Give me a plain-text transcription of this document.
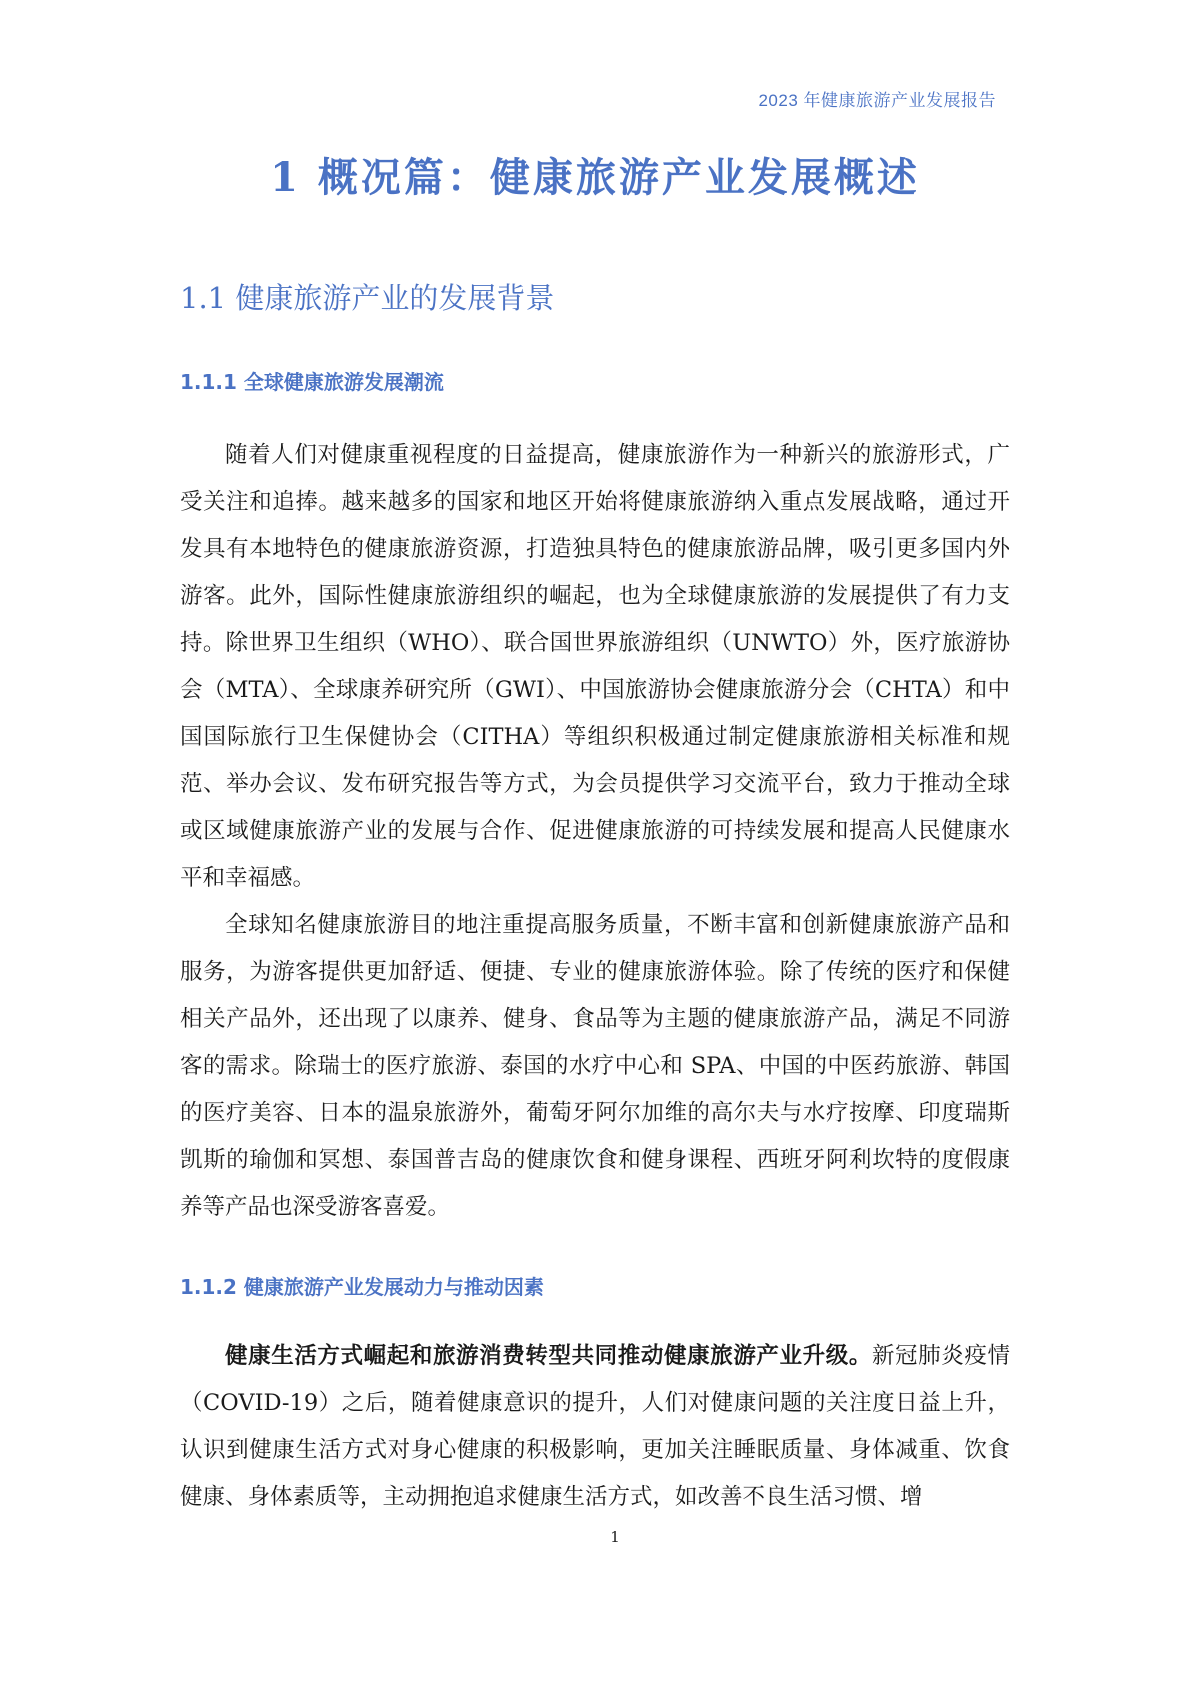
2023 年健康旅游产业发展报告
1 概况篇：健康旅游产业发展概述
1.1 健康旅游产业的发展背景
1.1.1 全球健康旅游发展潮流

随着人们对健康重视程度的日益提高，健康旅游作为一种新兴的旅游形式，广受关注和追捧。越来越多的国家和地区开始将健康旅游纳入重点发展战略，通过开发具有本地特色的健康旅游资源，打造独具特色的健康旅游品牌，吸引更多国内外游客。此外，国际性健康旅游组织的崛起，也为全球健康旅游的发展提供了有力支持。除世界卫生组织（WHO）、联合国世界旅游组织（UNWTO）外，医疗旅游协会（MTA）、全球康养研究所（GWI）、中国旅游协会健康旅游分会（CHTA）和中国国际旅行卫生保健协会（CITHA）等组织积极通过制定健康旅游相关标准和规范、举办会议、发布研究报告等方式，为会员提供学习交流平台，致力于推动全球或区域健康旅游产业的发展与合作、促进健康旅游的可持续发展和提高人民健康水平和幸福感。

全球知名健康旅游目的地注重提高服务质量，不断丰富和创新健康旅游产品和服务，为游客提供更加舒适、便捷、专业的健康旅游体验。除了传统的医疗和保健相关产品外，还出现了以康养、健身、食品等为主题的健康旅游产品，满足不同游客的需求。除瑞士的医疗旅游、泰国的水疗中心和 SPA、中国的中医药旅游、韩国的医疗美容、日本的温泉旅游外，葡萄牙阿尔加维的高尔夫与水疗按摩、印度瑞斯凯斯的瑜伽和冥想、泰国普吉岛的健康饮食和健身课程、西班牙阿利坎特的度假康养等产品也深受游客喜爱。

1.1.2 健康旅游产业发展动力与推动因素

健康生活方式崛起和旅游消费转型共同推动健康旅游产业升级。新冠肺炎疫情（COVID-19）之后，随着健康意识的提升，人们对健康问题的关注度日益上升，认识到健康生活方式对身心健康的积极影响，更加关注睡眠质量、身体减重、饮食健康、身体素质等，主动拥抱追求健康生活方式，如改善不良生活习惯、增

1
